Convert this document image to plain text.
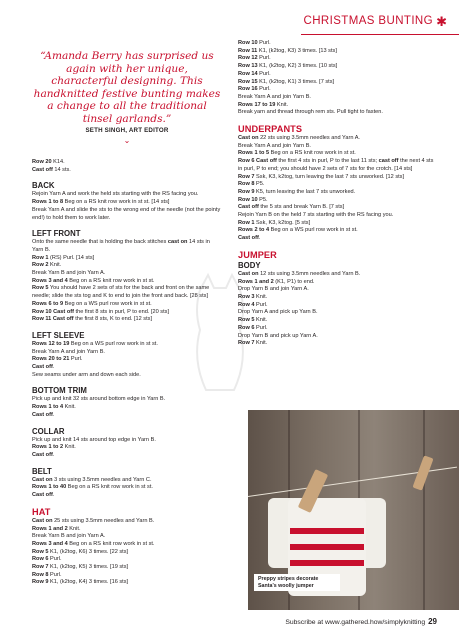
CHRISTMAS BUNTING ✱
“Amanda Berry has surprised us again with her unique, characterful designing. This handknitted festive bunting makes a change to all the traditional tinsel garlands.”
SETH SINGH, ART EDITOR
⌄

Row 20 K14.

Cast off 14 sts.

BACK

Rejoin Yarn A and work the held sts starting with the RS facing you.

Rows 1 to 8 Beg on a RS knit row work in st st. [14 sts]

Break Yarn A and slide the sts to the wrong end of the needle (not the pointy end!) to hold them to work later.

LEFT FRONT

Onto the same needle that is holding the back stitches cast on 14 sts in Yarn B.

Row 1 (RS) Purl. [14 sts]

Row 2 Knit.

Break Yarn B and join Yarn A.

Rows 3 and 4 Beg on a RS knit row work in st st.

Row 5 You should have 2 sets of sts for the back and front on the same needle; slide the sts tog and K to end to join the front and back. [28 sts]

Rows 6 to 9 Beg on a WS purl row work in st st.

Row 10 Cast off the first 8 sts in purl, P to end. [20 sts]

Row 11 Cast off the first 8 sts, K to end. [12 sts]

LEFT SLEEVE

Rows 12 to 19 Beg on a WS purl row work in st st.

Break Yarn A and join Yarn B.

Rows 20 to 21 Purl.

Cast off.

Sew seams under arm and down each side.

BOTTOM TRIM

Pick up and knit 32 sts around bottom edge in Yarn B.

Rows 1 to 4 Knit.

Cast off.

COLLAR

Pick up and knit 14 sts around top edge in Yarn B.

Rows 1 to 2 Knit.

Cast off.

BELT

Cast on 3 sts using 3.5mm needles and Yarn C.

Rows 1 to 40 Beg on a RS knit row work in st st.

Cast off.

HAT

Cast on 25 sts using 3.5mm needles and Yarn B.

Rows 1 and 2 Knit.

Break Yarn B and join Yarn A.

Rows 3 and 4 Beg on a RS knit row work in st st.

Row 5 K1, (k2tog, K6) 3 times. [22 sts]

Row 6 Purl.

Row 7 K1, (k2tog, K5) 3 times. [19 sts]

Row 8 Purl.

Row 9 K1, (k2tog, K4) 3 times. [16 sts]

Row 10 Purl.

Row 11 K1, (k2tog, K3) 3 times. [13 sts]

Row 12 Purl.

Row 13 K1, (k2tog, K2) 3 times. [10 sts]

Row 14 Purl.

Row 15 K1, (k2tog, K1) 3 times. [7 sts]

Row 16 Purl.

Break Yarn A and join Yarn B.

Rows 17 to 19 Knit.

Break yarn and thread through rem sts. Pull tight to fasten.

UNDERPANTS

Cast on 22 sts using 3.5mm needles and Yarn A.

Break Yarn A and join Yarn B.

Rows 1 to 5 Beg on a RS knit row work in st st.

Row 6 Cast off the first 4 sts in purl, P to the last 11 sts; cast off the next 4 sts in purl, P to end; you should have 2 sets of 7 sts for the crotch. [14 sts]

Row 7 Ssk, K3, k2tog, turn leaving the last 7 sts unworked. [12 sts]

Row 8 P5.

Row 9 K5, turn leaving the last 7 sts unworked.

Row 10 P5.

Cast off the 5 sts and break Yarn B. [7 sts]

Rejoin Yarn B on the held 7 sts starting with the RS facing you.

Row 1 Ssk, K3, k2tog. [5 sts]

Rows 2 to 4 Beg on a WS purl row work in st st.

Cast off.

JUMPER
BODY

Cast on 12 sts using 3.5mm needles and Yarn B.

Rows 1 and 2 (K1, P1) to end.

Drop Yarn B and join Yarn A.

Row 3 Knit.

Row 4 Purl.

Drop Yarn A and pick up Yarn B.

Row 5 Knit.

Row 6 Purl.

Drop Yarn B and pick up Yarn A.

Row 7 Knit.

Preppy stripes decorate
Santa’s woolly jumper
Subscribe at www.gathered.how/simplyknitting 29
